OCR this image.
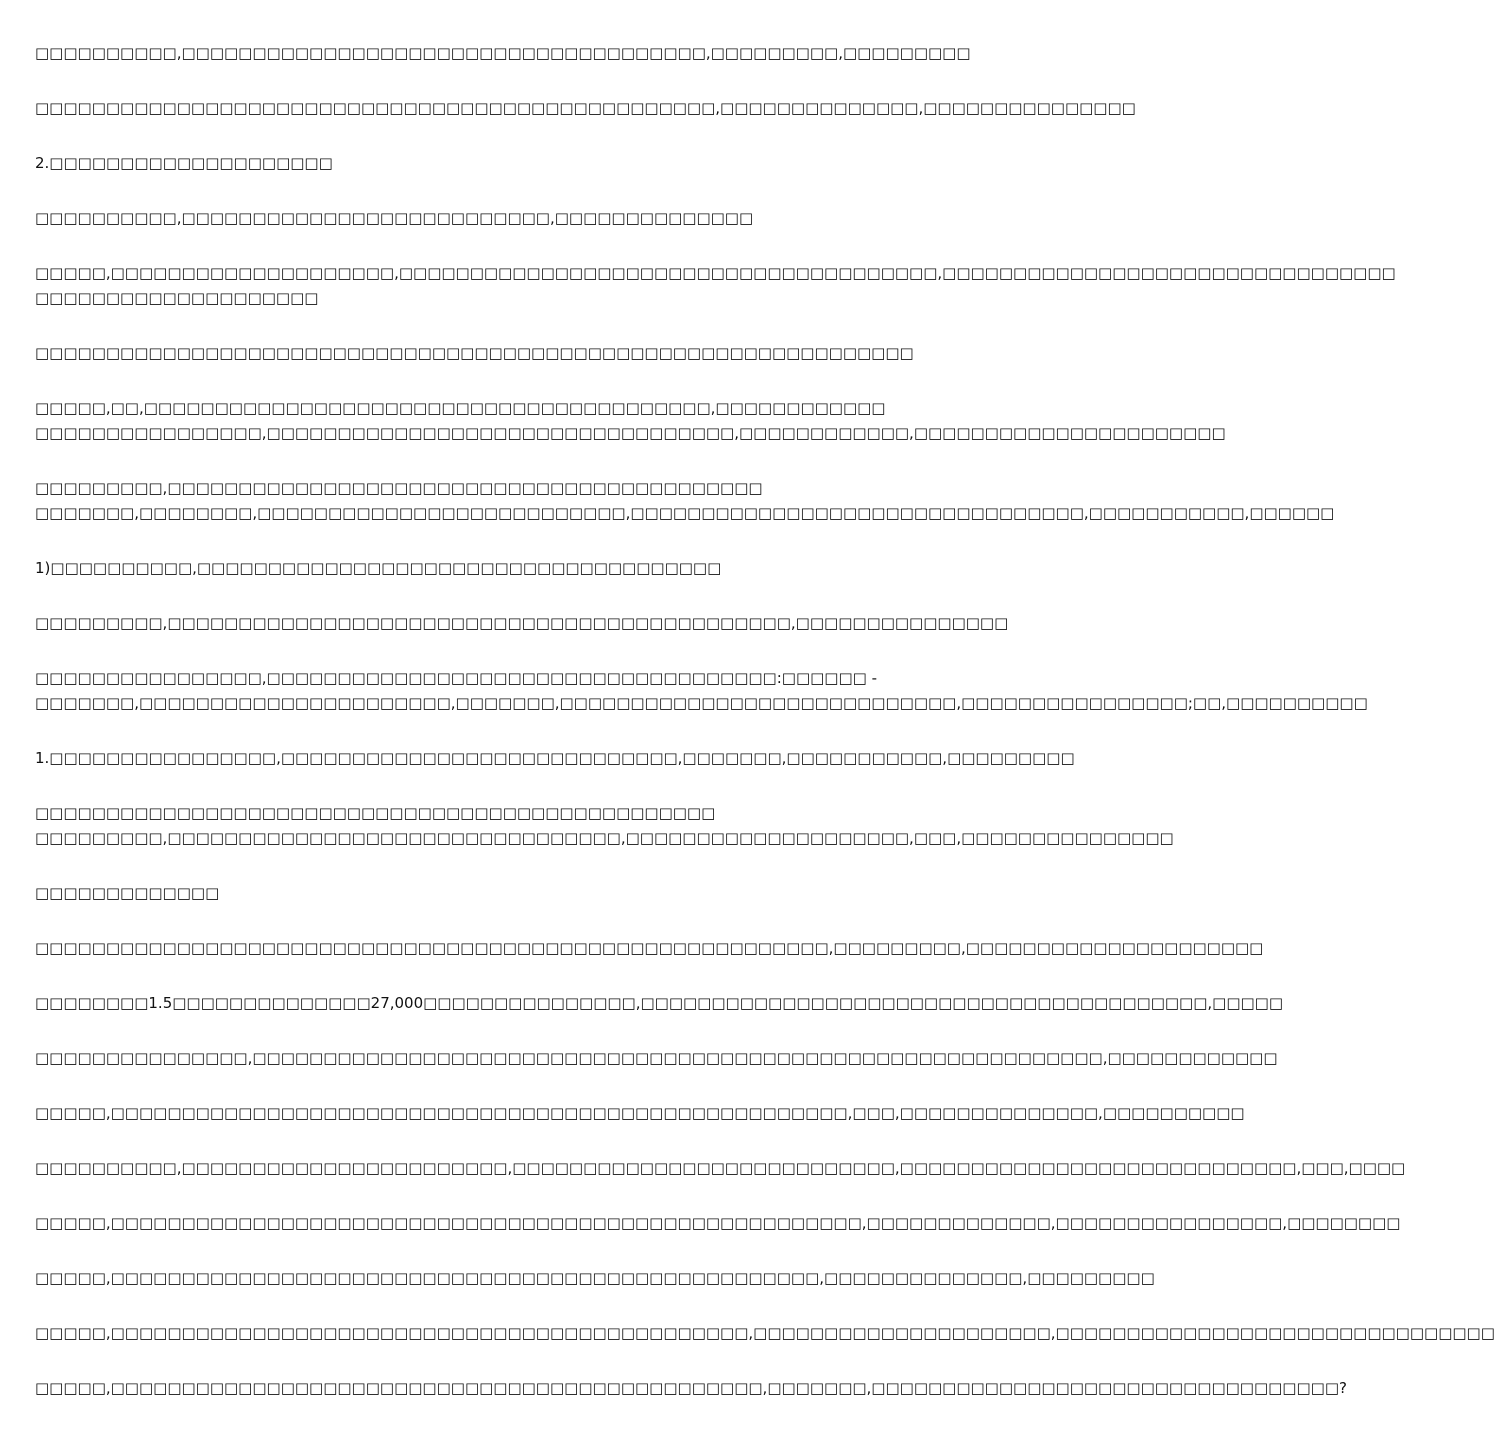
□□□□□□□□□□,□□□□□□□□□□□□□□□□□□□□□□□□□□□□□□□□□□□□□,□□□□□□□□□,□□□□□□□□□
□□□□□□□□□□□□□□□□□□□□□□□□□□□□□□□□□□□□□□□□□□□□□□□□,□□□□□□□□□□□□□□,□□□□□□□□□□□□□□□
2.□□□□□□□□□□□□□□□□□□□□
□□□□□□□□□□,□□□□□□□□□□□□□□□□□□□□□□□□□□,□□□□□□□□□□□□□□
□□□□□,□□□□□□□□□□□□□□□□□□□□,□□□□□□□□□□□□□□□□□□□□□□□□□□□□□□□□□□□□□□,□□□□□□□□□□□□□□□□□□□□□□□□□□□□□□□□
□□□□□□□□□□□□□□□□□□□□
□□□□□□□□□□□□□□□□□□□□□□□□□□□□□□□□□□□□□□□□□□□□□□□□□□□□□□□□□□□□□□
□□□□□,□□,□□□□□□□□□□□□□□□□□□□□□□□□□□□□□□□□□□□□□□□□,□□□□□□□□□□□□
□□□□□□□□□□□□□□□□,□□□□□□□□□□□□□□□□□□□□□□□□□□□□□□□□□,□□□□□□□□□□□□,□□□□□□□□□□□□□□□□□□□□□□
□□□□□□□□□,□□□□□□□□□□□□□□□□□□□□□□□□□□□□□□□□□□□□□□□□□□
□□□□□□□,□□□□□□□□,□□□□□□□□□□□□□□□□□□□□□□□□□□,□□□□□□□□□□□□□□□□□□□□□□□□□□□□□□□□,□□□□□□□□□□□,□□□□□□
1)□□□□□□□□□□,□□□□□□□□□□□□□□□□□□□□□□□□□□□□□□□□□□□□□
□□□□□□□□□,□□□□□□□□□□□□□□□□□□□□□□□□□□□□□□□□□□□□□□□□□□□□,□□□□□□□□□□□□□□□
□□□□□□□□□□□□□□□□,□□□□□□□□□□□□□□□□□□□□□□□□□□□□□□□□□□□□:□□□□□□ -
□□□□□□□,□□□□□□□□□□□□□□□□□□□□□□,□□□□□□□,□□□□□□□□□□□□□□□□□□□□□□□□□□□□,□□□□□□□□□□□□□□□□;□□,□□□□□□□□□□
1.□□□□□□□□□□□□□□□□,□□□□□□□□□□□□□□□□□□□□□□□□□□□□,□□□□□□□,□□□□□□□□□□□,□□□□□□□□□
□□□□□□□□□□□□□□□□□□□□□□□□□□□□□□□□□□□□□□□□□□□□□□□□
□□□□□□□□□,□□□□□□□□□□□□□□□□□□□□□□□□□□□□□□□□,□□□□□□□□□□□□□□□□□□□□,□□□,□□□□□□□□□□□□□□□
□□□□□□□□□□□□□
□□□□□□□□□□□□□□□□□□□□□□□□□□□□□□□□□□□□□□□□□□□□□□□□□□□□□□□□,□□□□□□□□□,□□□□□□□□□□□□□□□□□□□□□
□□□□□□□□1.5□□□□□□□□□□□□□□27,000□□□□□□□□□□□□□□□,□□□□□□□□□□□□□□□□□□□□□□□□□□□□□□□□□□□□□□□□,□□□□□
□□□□□□□□□□□□□□□,□□□□□□□□□□□□□□□□□□□□□□□□□□□□□□□□□□□□□□□□□□□□□□□□□□□□□□□□□□□□,□□□□□□□□□□□□
□□□□□,□□□□□□□□□□□□□□□□□□□□□□□□□□□□□□□□□□□□□□□□□□□□□□□□□□□□,□□□,□□□□□□□□□□□□□□,□□□□□□□□□□
□□□□□□□□□□,□□□□□□□□□□□□□□□□□□□□□□□,□□□□□□□□□□□□□□□□□□□□□□□□□□□,□□□□□□□□□□□□□□□□□□□□□□□□□□□□,□□□,□□□□
□□□□□,□□□□□□□□□□□□□□□□□□□□□□□□□□□□□□□□□□□□□□□□□□□□□□□□□□□□□,□□□□□□□□□□□□□,□□□□□□□□□□□□□□□□,□□□□□□□□
□□□□□,□□□□□□□□□□□□□□□□□□□□□□□□□□□□□□□□□□□□□□□□□□□□□□□□□□,□□□□□□□□□□□□□□,□□□□□□□□□
□□□□□,□□□□□□□□□□□□□□□□□□□□□□□□□□□□□□□□□□□□□□□□□□□□□,□□□□□□□□□□□□□□□□□□□□□,□□□□□□□□□□□□□□□□□□□□□□□□□□□□□□□
□□□□□,□□□□□□□□□□□□□□□□□□□□□□□□□□□□□□□□□□□□□□□□□□□□□□,□□□□□□□,□□□□□□□□□□□□□□□□□□□□□□□□□□□□□□□□□?
